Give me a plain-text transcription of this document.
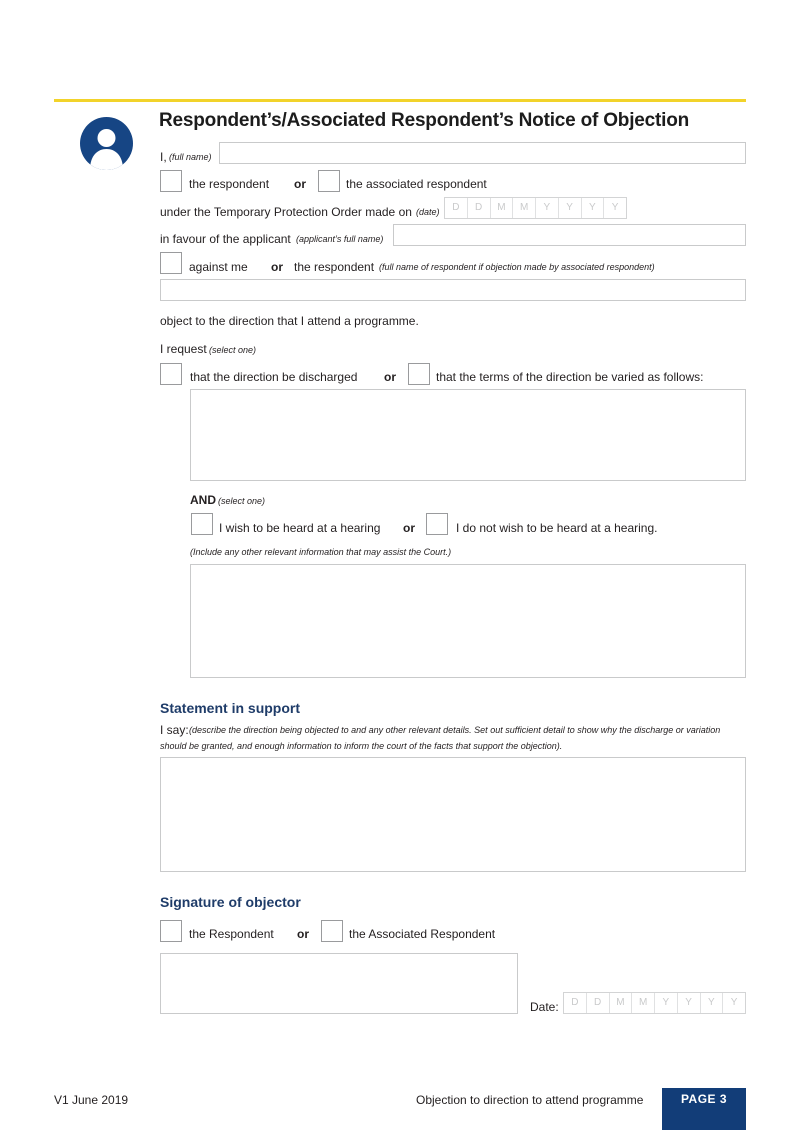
Respondent’s/Associated Respondent’s Notice of Objection
I, (full name)
the respondent or	the associated respondent
under the Temporary Protection Order made on (date)	D	D	M	M	Y	Y	Y	Y
in favour of the applicant (applicant’s full name)
against me or the respondent (full name of respondent if objection made by associated respondent)
object to the direction that I attend a programme.
I request (select one)
that the direction be discharged or	that the terms of the direction be varied as follows:
AND (select one)
I wish to be heard at a hearing or	I do not wish to be heard at a hearing.
(Include any other relevant information that may assist the Court.)
Statement in support
I say: (describe the direction being objected to and any other relevant details. Set out sufficient detail to show why the discharge or variation
should be granted, and enough information to inform the court of the facts that support the objection).
Signature of objector
the Respondent or	the Associated Respondent
Date:	D	D	M	M	Y	Y	Y	Y
V1 June 2019	Objection to direction to attend programme	PAGE 3
